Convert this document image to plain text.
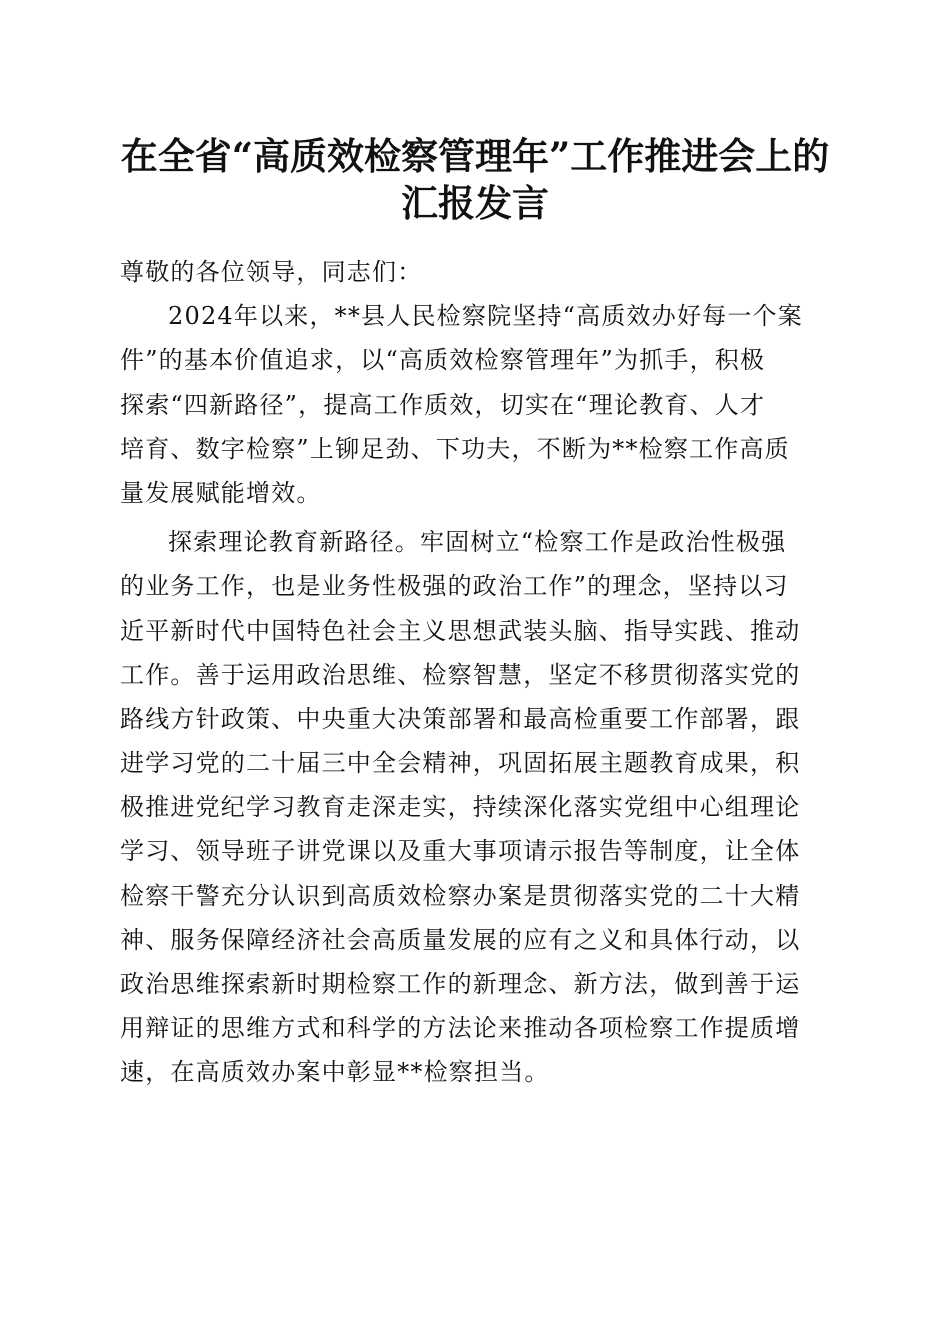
在全省“高质效检察管理年”工作推进会上的
汇报发言
尊敬的各位领导，同志们：
2024年以来，**县人民检察院坚持“高质效办好每一个案
件”的基本价值追求，以“高质效检察管理年”为抓手，积极
探索“四新路径”，提高工作质效，切实在“理论教育、人才
培育、数字检察”上铆足劲、下功夫，不断为**检察工作高质
量发展赋能增效。
探索理论教育新路径。牢固树立“检察工作是政治性极强
的业务工作，也是业务性极强的政治工作”的理念，坚持以习
近平新时代中国特色社会主义思想武装头脑、指导实践、推动
工作。善于运用政治思维、检察智慧，坚定不移贯彻落实党的
路线方针政策、中央重大决策部署和最高检重要工作部署，跟
进学习党的二十届三中全会精神，巩固拓展主题教育成果，积
极推进党纪学习教育走深走实，持续深化落实党组中心组理论
学习、领导班子讲党课以及重大事项请示报告等制度，让全体
检察干警充分认识到高质效检察办案是贯彻落实党的二十大精
神、服务保障经济社会高质量发展的应有之义和具体行动，以
政治思维探索新时期检察工作的新理念、新方法，做到善于运
用辩证的思维方式和科学的方法论来推动各项检察工作提质增
速，在高质效办案中彰显**检察担当。
